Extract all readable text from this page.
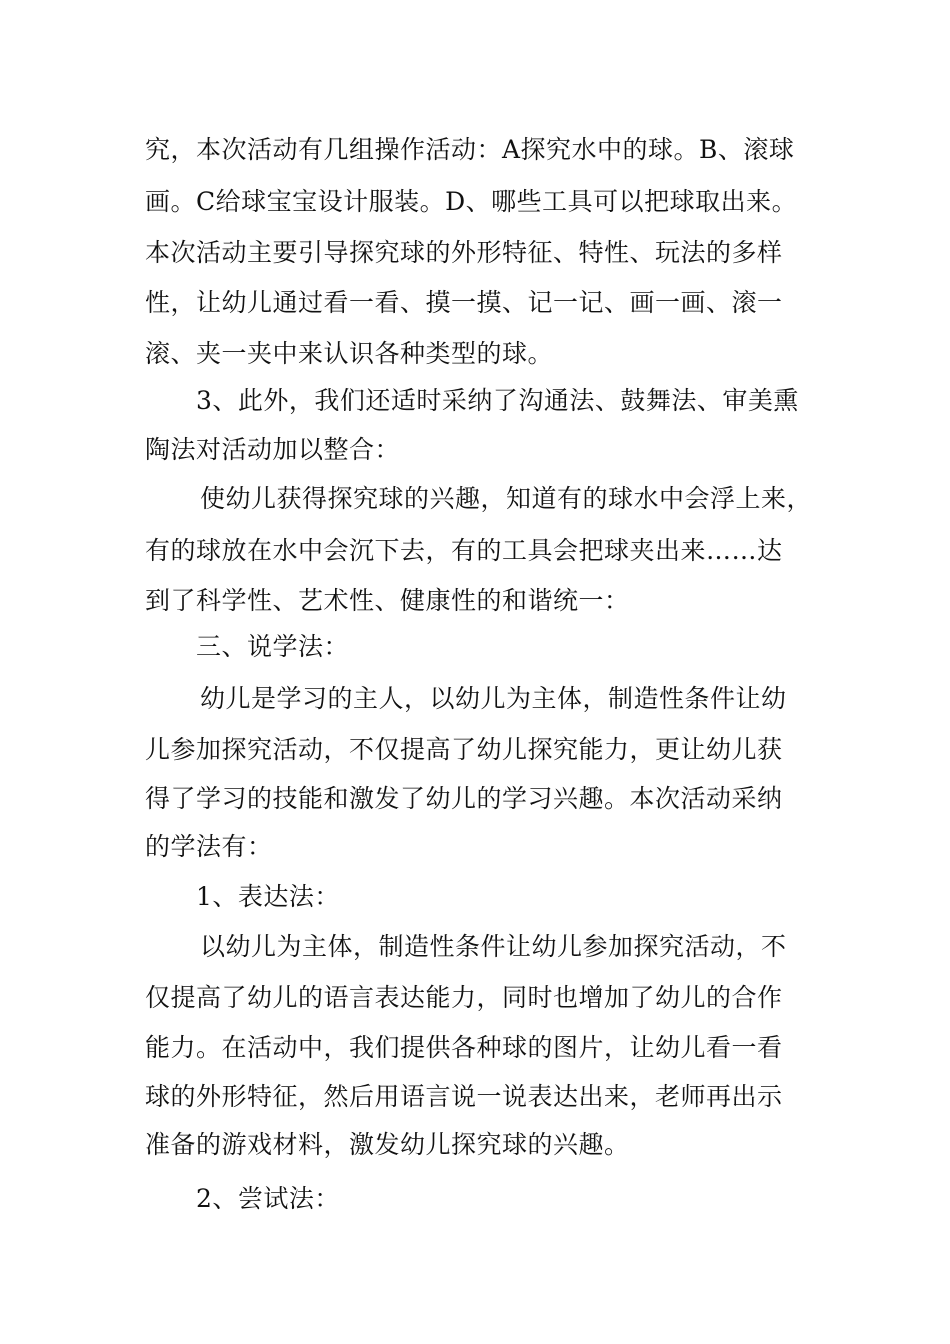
究，本次活动有几组操作活动：A探究水中的球。B、滚球
画。C给球宝宝设计服装。D、哪些工具可以把球取出来。
本次活动主要引导探究球的外形特征、特性、玩法的多样
性，让幼儿通过看一看、摸一摸、记一记、画一画、滚一
滚、夹一夹中来认识各种类型的球。
3、此外，我们还适时采纳了沟通法、鼓舞法、审美熏
陶法对活动加以整合：
使幼儿获得探究球的兴趣，知道有的球水中会浮上来，
有的球放在水中会沉下去，有的工具会把球夹出来……达
到了科学性、艺术性、健康性的和谐统一：
三、说学法：
幼儿是学习的主人，以幼儿为主体，制造性条件让幼
儿参加探究活动，不仅提高了幼儿探究能力，更让幼儿获
得了学习的技能和激发了幼儿的学习兴趣。本次活动采纳
的学法有：
1、表达法：
以幼儿为主体，制造性条件让幼儿参加探究活动，不
仅提高了幼儿的语言表达能力，同时也增加了幼儿的合作
能力。在活动中，我们提供各种球的图片，让幼儿看一看
球的外形特征，然后用语言说一说表达出来，老师再出示
准备的游戏材料，激发幼儿探究球的兴趣。
2、尝试法：
